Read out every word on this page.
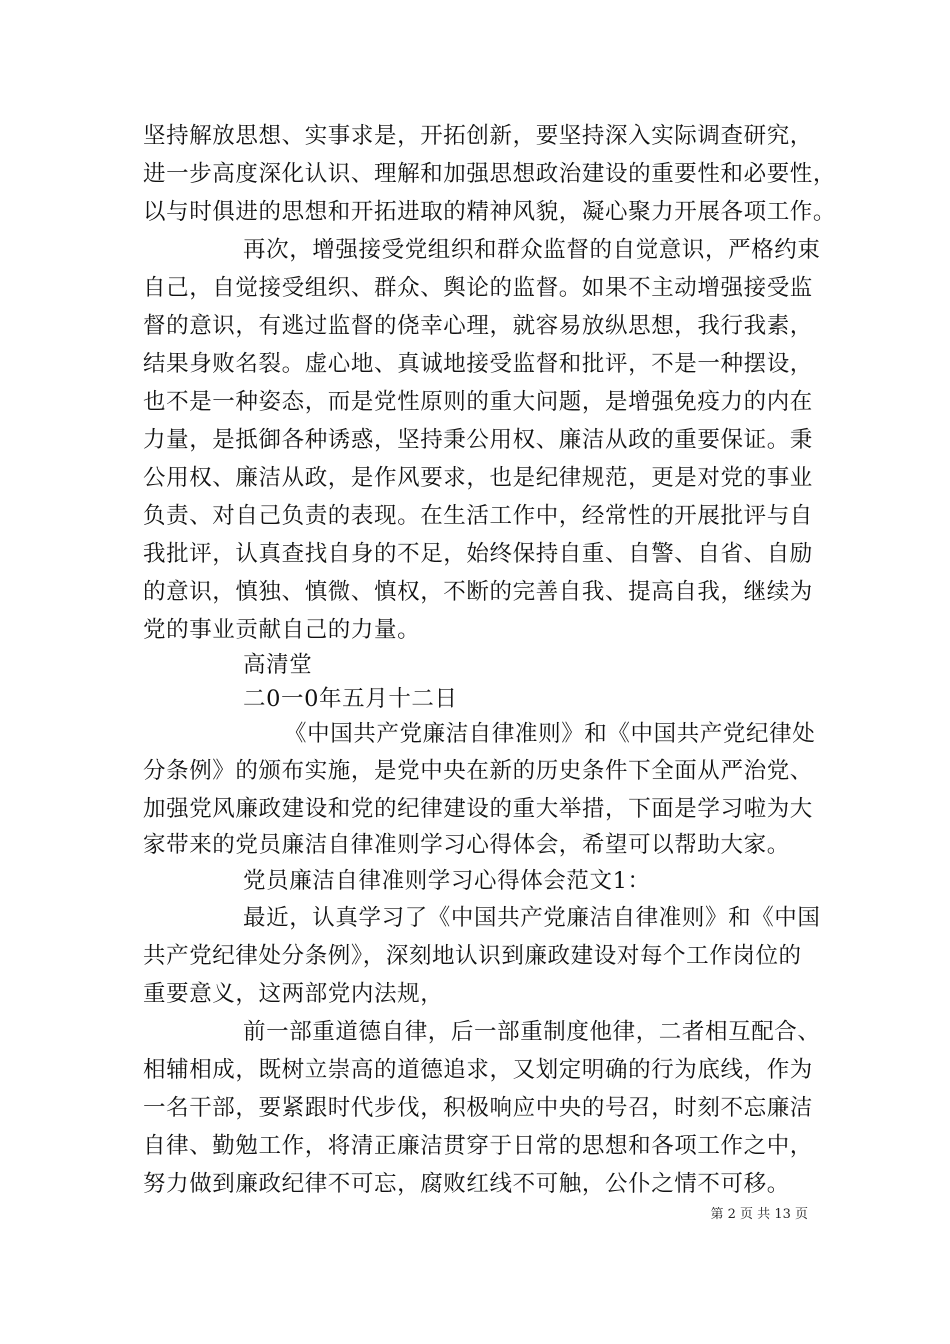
坚持解放思想、实事求是，开拓创新，要坚持深入实际调查研究，
进一步高度深化认识、理解和加强思想政治建设的重要性和必要性，
以与时俱进的思想和开拓进取的精神风貌，凝心聚力开展各项工作。
再次，增强接受党组织和群众监督的自觉意识，严格约束
自己，自觉接受组织、群众、舆论的监督。如果不主动增强接受监
督的意识，有逃过监督的侥幸心理，就容易放纵思想，我行我素，
结果身败名裂。虚心地、真诚地接受监督和批评，不是一种摆设，
也不是一种姿态，而是党性原则的重大问题，是增强免疫力的内在
力量，是抵御各种诱惑，坚持秉公用权、廉洁从政的重要保证。秉
公用权、廉洁从政，是作风要求，也是纪律规范，更是对党的事业
负责、对自己负责的表现。在生活工作中，经常性的开展批评与自
我批评，认真查找自身的不足，始终保持自重、自警、自省、自励
的意识，慎独、慎微、慎权，不断的完善自我、提高自我，继续为
党的事业贡献自己的力量。
高清堂
二0一0年五月十二日
《中国共产党廉洁自律准则》和《中国共产党纪律处
分条例》的颁布实施，是党中央在新的历史条件下全面从严治党、
加强党风廉政建设和党的纪律建设的重大举措，下面是学习啦为大
家带来的党员廉洁自律准则学习心得体会，希望可以帮助大家。
党员廉洁自律准则学习心得体会范文1：
最近，认真学习了《中国共产党廉洁自律准则》和《中国
共产党纪律处分条例》，深刻地认识到廉政建设对每个工作岗位的
重要意义，这两部党内法规，
前一部重道德自律，后一部重制度他律，二者相互配合、
相辅相成，既树立崇高的道德追求，又划定明确的行为底线，作为
一名干部，要紧跟时代步伐，积极响应中央的号召，时刻不忘廉洁
自律、勤勉工作，将清正廉洁贯穿于日常的思想和各项工作之中，
努力做到廉政纪律不可忘，腐败红线不可触，公仆之情不可移。
第 2 页 共 13 页
